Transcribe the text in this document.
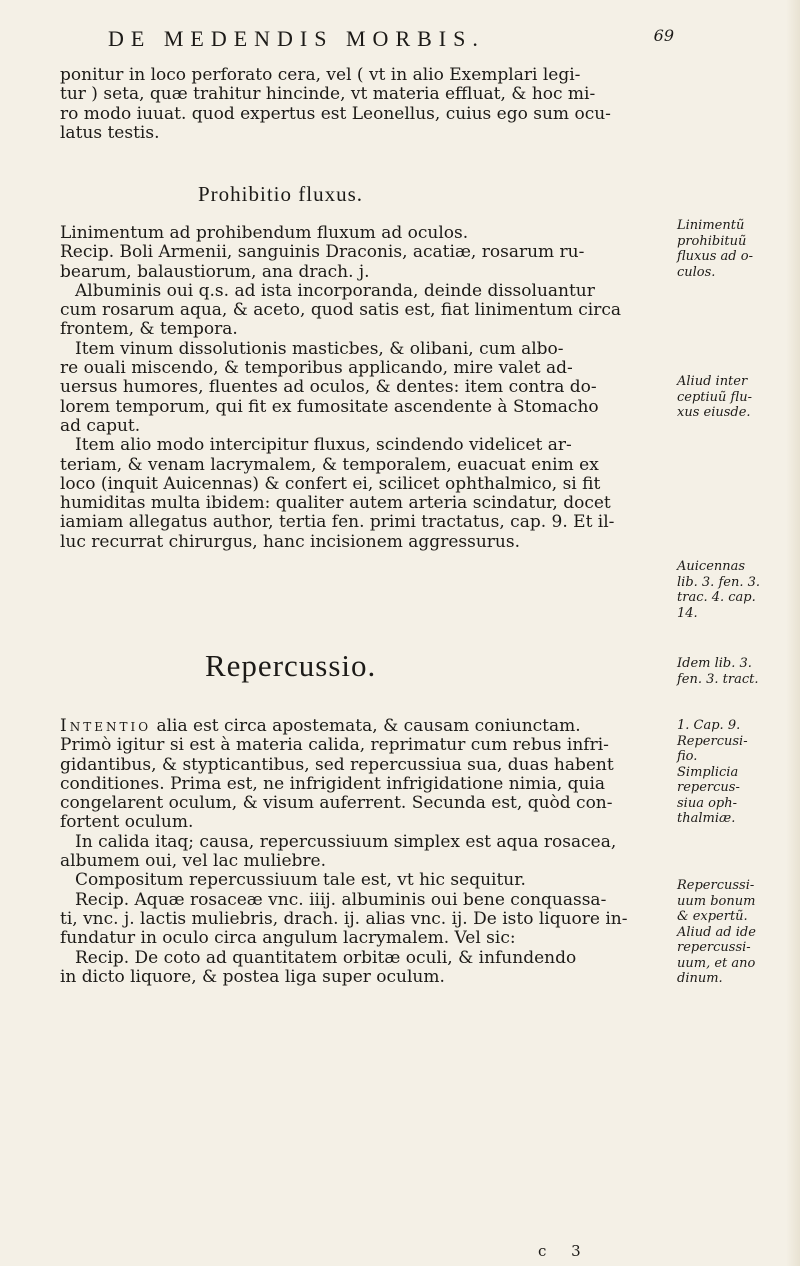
DE MEDENDIS MORBIS.	69
ponitur in loco perforato cera, vel ( vt in alio Exemplari legi-
tur ) seta, quæ trahitur hincinde, vt materia effluat, & hoc mi-
ro modo iuuat. quod expertus est Leonellus, cuius ego sum ocu-
latus testis.
Prohibitio fluxus.
Linimentum ad prohibendum fluxum ad oculos.
Recip. Boli Armenii, sanguinis Draconis, acatiæ, rosarum ru-
bearum, balaustiorum, ana drach. j.
Albuminis oui q.s. ad ista incorporanda, deinde dissoluantur
cum rosarum aqua, & aceto, quod satis est, fiat linimentum circa
frontem, & tempora.
Item vinum dissolutionis masticbes, & olibani, cum albo-
re ouali miscendo, & temporibus applicando, mire valet ad-
uersus humores, fluentes ad oculos, & dentes: item contra do-
lorem temporum, qui fit ex fumositate ascendente à Stomacho
ad caput.
Item alio modo intercipitur fluxus, scindendo videlicet ar-
teriam, & venam lacrymalem, & temporalem, euacuat enim ex
loco (inquit Auicennas) & confert ei, scilicet ophthalmico, si fit
humiditas multa ibidem: qualiter autem arteria scindatur, docet
iamiam allegatus author, tertia fen. primi tractatus, cap. 9. Et il-
luc recurrat chirurgus, hanc incisionem aggressurus.
Linimentũ
prohibituũ
fluxus ad o-
culos.
Aliud inter
ceptiuũ flu-
xus eiusde.
Auicennas
lib. 3. fen. 3.
trac. 4. cap.
14.
Repercussio.
Intentio alia est circa apostemata, & causam coniunctam.
Primò igitur si est à materia calida, reprimatur cum rebus infri-
gidantibus, & stypticantibus, sed repercussiua sua, duas habent
conditiones. Prima est, ne infrigident infrigidatione nimia, quia
congelarent oculum, & visum auferrent. Secunda est, quòd con-
fortent oculum.
In calida itaq; causa, repercussiuum simplex est aqua rosacea,
albumem oui, vel lac muliebre.
Compositum repercussiuum tale est, vt hic sequitur.
Recip. Aquæ rosaceæ vnc. iiij. albuminis oui bene conquassa-
ti, vnc. j. lactis muliebris, drach. ij. alias vnc. ij. De isto liquore in-
fundatur in oculo circa angulum lacrymalem. Vel sic:
Recip. De coto ad quantitatem orbitæ oculi, & infundendo
in dicto liquore, & postea liga super oculum.
Idem lib. 3.
fen. 3. tract.
1. Cap. 9.
Repercusi-
fio.
Simplicia
repercus-
siua oph-
thalmiæ.
Repercussi-
uum bonum
& expertũ.
Aliud ad ide
repercussi-
uum, et ano
dinum.
c 3
